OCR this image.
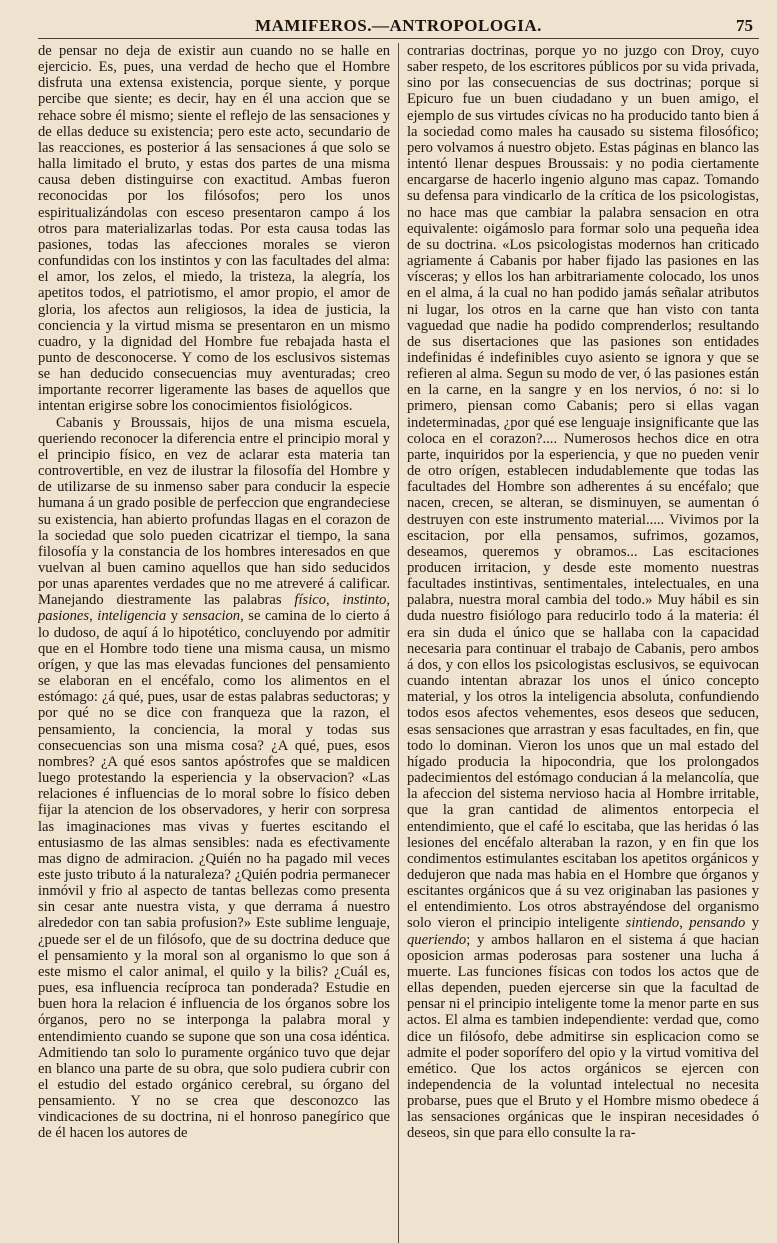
MAMIFEROS.—ANTROPOLOGIA.	75

de pensar no deja de existir aun cuando no se halle en ejercicio. Es, pues, una verdad de hecho que el Hombre disfruta una extensa existencia, porque siente, y porque percibe que siente; es decir, hay en él una accion que se rehace sobre él mismo; siente el reflejo de las sensaciones y de ellas deduce su existencia; pero este acto, secundario de las reacciones, es posterior á las sensaciones á que solo se halla limitado el bruto, y estas dos partes de una misma causa deben distinguirse con exactitud. Ambas fueron reconocidas por los filósofos; pero los unos espiritualizándolas con esceso presentaron campo á los otros para materializarlas todas. Por esta causa todas las pasiones, todas las afecciones morales se vieron confundidas con los instintos y con las facultades del alma: el amor, los zelos, el miedo, la tristeza, la alegría, los apetitos todos, el patriotismo, el amor propio, el amor de gloria, los afectos aun religiosos, la idea de justicia, la conciencia y la virtud misma se presentaron en un mismo cuadro, y la dignidad del Hombre fue rebajada hasta el punto de desconocerse. Y como de los esclusivos sistemas se han deducido consecuencias muy aventuradas; creo importante recorrer ligeramente las bases de aquellos que intentan erigirse sobre los conocimientos fisiológicos.

Cabanis y Broussais, hijos de una misma escuela, queriendo reconocer la diferencia entre el principio moral y el principio físico, en vez de aclarar esta materia tan controvertible, en vez de ilustrar la filosofía del Hombre y de utilizarse de su inmenso saber para conducir la especie humana á un grado posible de perfeccion que engrandeciese su existencia, han abierto profundas llagas en el corazon de la sociedad que solo pueden cicatrizar el tiempo, la sana filosofía y la constancia de los hombres interesados en que vuelvan al buen camino aquellos que han sido seducidos por unas aparentes verdades que no me atreveré á calificar. Manejando diestramente las palabras físico, instinto, pasiones, inteligencia y sensacion, se camina de lo cierto á lo dudoso, de aquí á lo hipotético, concluyendo por admitir que en el Hombre todo tiene una misma causa, un mismo orígen, y que las mas elevadas funciones del pensamiento se elaboran en el encéfalo, como los alimentos en el estómago: ¿á qué, pues, usar de estas palabras seductoras; y por qué no se dice con franqueza que la razon, el pensamiento, la conciencia, la moral y todas sus consecuencias son una misma cosa? ¿A qué, pues, esos nombres? ¿A qué esos santos apóstrofes que se maldicen luego protestando la esperiencia y la observacion? «Las relaciones é influencias de lo moral sobre lo físico deben fijar la atencion de los observadores, y herir con sorpresa las imaginaciones mas vivas y fuertes escitando el entusiasmo de las almas sensibles: nada es efectivamente mas digno de admiracion. ¿Quién no ha pagado mil veces este justo tributo á la naturaleza? ¿Quién podria permanecer inmóvil y frio al aspecto de tantas bellezas como presenta sin cesar ante nuestra vista, y que derrama á nuestro alrededor con tan sabia profusion?» Este sublime lenguaje, ¿puede ser el de un filósofo, que de su doctrina deduce que el pensamiento y la moral son al organismo lo que son á este mismo el calor animal, el quilo y la bilis? ¿Cuál es, pues, esa influencia recíproca tan ponderada? Estudie en buen hora la relacion é influencia de los órganos sobre los órganos, pero no se interponga la palabra moral y entendimiento cuando se supone que son una cosa idéntica. Admitiendo tan solo lo puramente orgánico tuvo que dejar en blanco una parte de su obra, que solo pudiera cubrir con el estudio del estado orgánico cerebral, su órgano del pensamiento. Y no se crea que desconozco las vindicaciones de su doctrina, ni el honroso panegírico que de él hacen los autores de

contrarias doctrinas, porque yo no juzgo con Droy, cuyo saber respeto, de los escritores públicos por su vida privada, sino por las consecuencias de sus doctrinas; porque si Epicuro fue un buen ciudadano y un buen amigo, el ejemplo de sus virtudes cívicas no ha producido tanto bien á la sociedad como males ha causado su sistema filosófico; pero volvamos á nuestro objeto. Estas páginas en blanco las intentó llenar despues Broussais: y no podia ciertamente encargarse de hacerlo ingenio alguno mas capaz. Tomando su defensa para vindicarlo de la crítica de los psicologistas, no hace mas que cambiar la palabra sensacion en otra equivalente: oigámoslo para formar solo una pequeña idea de su doctrina. «Los psicologistas modernos han criticado agriamente á Cabanis por haber fijado las pasiones en las vísceras; y ellos los han arbitrariamente colocado, los unos en el alma, á la cual no han podido jamás señalar atributos ni lugar, los otros en la carne que han visto con tanta vaguedad que nadie ha podido comprenderlos; resultando de sus disertaciones que las pasiones son entidades indefinidas é indefinibles cuyo asiento se ignora y que se refieren al alma. Segun su modo de ver, ó las pasiones están en la carne, en la sangre y en los nervios, ó no: si lo primero, piensan como Cabanis; pero si ellas vagan indeterminadas, ¿por qué ese lenguaje insignificante que las coloca en el corazon?.... Numerosos hechos dice en otra parte, inquiridos por la esperiencia, y que no pueden venir de otro orígen, establecen indudablemente que todas las facultades del Hombre son adherentes á su encéfalo; que nacen, crecen, se alteran, se disminuyen, se aumentan ó destruyen con este instrumento material..... Vivimos por la escitacion, por ella pensamos, sufrimos, gozamos, deseamos, queremos y obramos... Las escitaciones producen irritacion, y desde este momento nuestras facultades instintivas, sentimentales, intelectuales, en una palabra, nuestra moral cambia del todo.» Muy hábil es sin duda nuestro fisiólogo para reducirlo todo á la materia: él era sin duda el único que se hallaba con la capacidad necesaria para continuar el trabajo de Cabanis, pero ambos á dos, y con ellos los psicologistas esclusivos, se equivocan cuando intentan abrazar los unos el único concepto material, y los otros la inteligencia absoluta, confundiendo todos esos afectos vehementes, esos deseos que seducen, esas sensaciones que arrastran y esas facultades, en fin, que todo lo dominan. Vieron los unos que un mal estado del hígado producia la hipocondria, que los prolongados padecimientos del estómago conducian á la melancolía, que la afeccion del sistema nervioso hacia al Hombre irritable, que la gran cantidad de alimentos entorpecia el entendimiento, que el café lo escitaba, que las heridas ó las lesiones del encéfalo alteraban la razon, y en fin que los condimentos estimulantes escitaban los apetitos orgánicos y dedujeron que nada mas habia en el Hombre que órganos y escitantes orgánicos que á su vez originaban las pasiones y el entendimiento. Los otros abstrayéndose del organismo solo vieron el principio inteligente sintiendo, pensando y queriendo; y ambos hallaron en el sistema á que hacian oposicion armas poderosas para sostener una lucha á muerte. Las funciones físicas con todos los actos que de ellas dependen, pueden ejercerse sin que la facultad de pensar ni el principio inteligente tome la menor parte en sus actos. El alma es tambien independiente: verdad que, como dice un filósofo, debe admitirse sin esplicacion como se admite el poder soporífero del opio y la virtud vomitiva del emético. Que los actos orgánicos se ejercen con independencia de la voluntad intelectual no necesita probarse, pues que el Bruto y el Hombre mismo obedece á las sensaciones orgánicas que le inspiran necesidades ó deseos, sin que para ello consulte la ra-
